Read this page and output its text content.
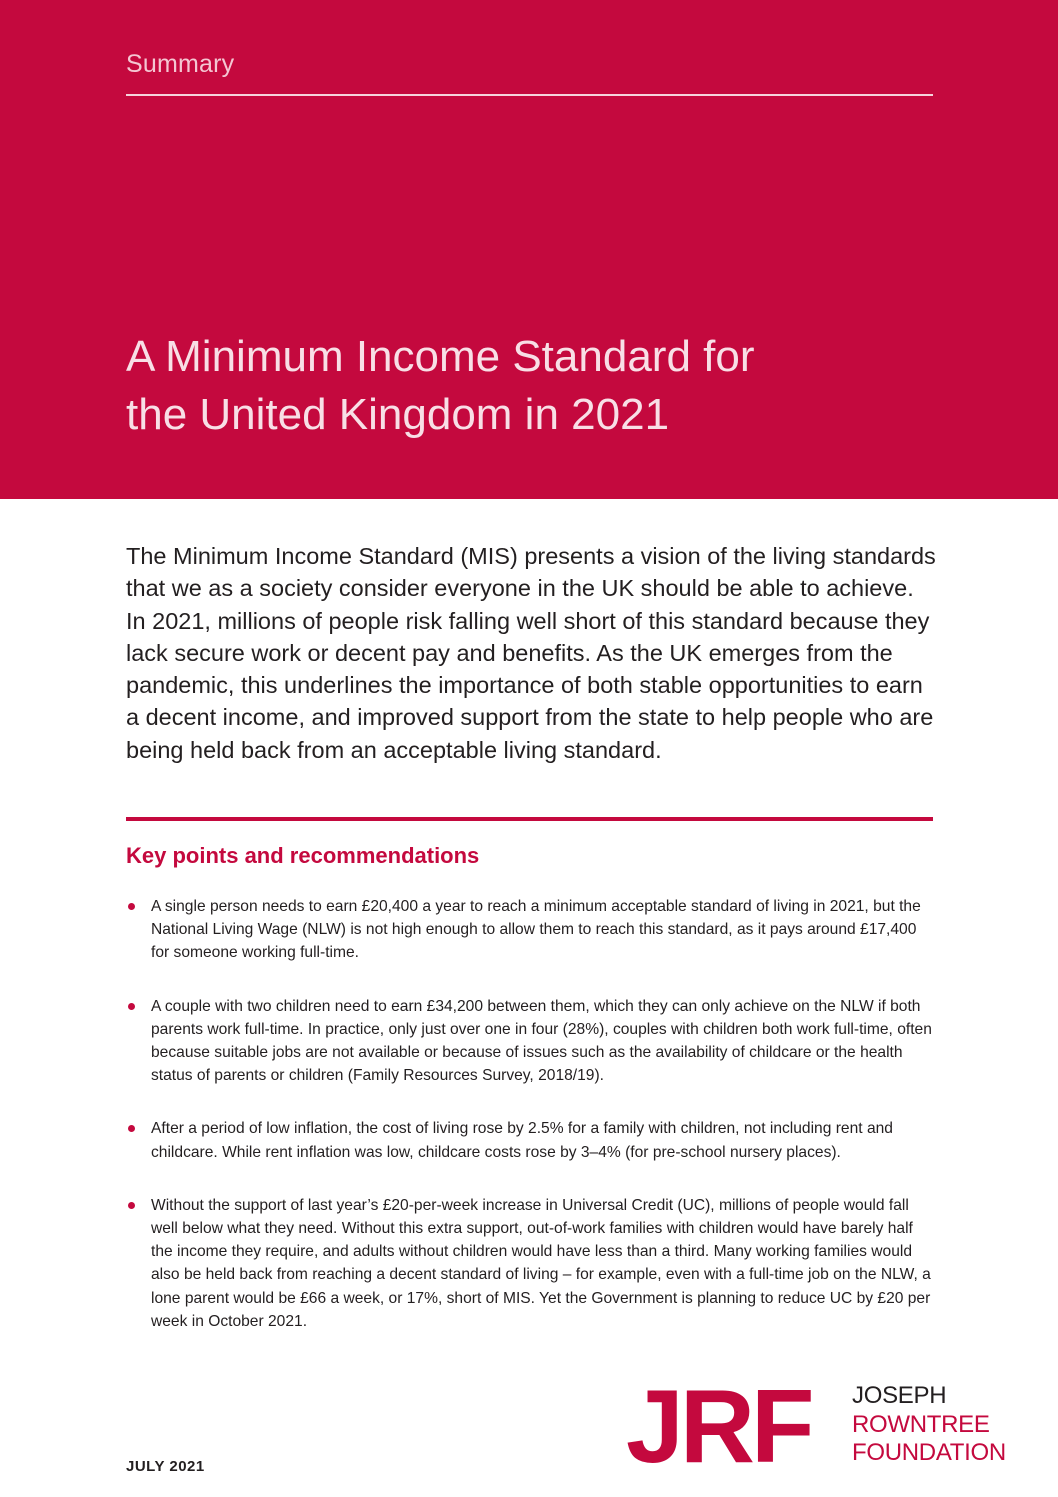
Summary
A Minimum Income Standard for
the United Kingdom in 2021

The Minimum Income Standard (MIS) presents a vision of the living standards that we as a society consider everyone in the UK should be able to achieve. In 2021, millions of people risk falling well short of this standard because they lack secure work or decent pay and benefits. As the UK emerges from the pandemic, this underlines the importance of both stable opportunities to earn a decent income, and improved support from the state to help people who are being held back from an acceptable living standard.

Key points and recommendations
A single person needs to earn £20,400 a year to reach a minimum acceptable standard of living in 2021, but the National Living Wage (NLW) is not high enough to allow them to reach this standard, as it pays around £17,400 for someone working full-time.
A couple with two children need to earn £34,200 between them, which they can only achieve on the NLW if both parents work full-time. In practice, only just over one in four (28%), couples with children both work full-time, often because suitable jobs are not available or because of issues such as the availability of childcare or the health status of parents or children (Family Resources Survey, 2018/19).
After a period of low inflation, the cost of living rose by 2.5% for a family with children, not including rent and childcare. While rent inflation was low, childcare costs rose by 3–4% (for pre-school nursery places).
Without the support of last year’s £20-per-week increase in Universal Credit (UC), millions of people would fall well below what they need. Without this extra support, out-of-work families with children would have barely half the income they require, and adults without children would have less than a third. Many working families would also be held back from reaching a decent standard of living – for example, even with a full-time job on the NLW, a lone parent would be £66 a week, or 17%, short of MIS. Yet the Government is planning to reduce UC by £20 per week in October 2021.
JULY 2021	JRF JOSEPH
ROWNTREE
FOUNDATION
